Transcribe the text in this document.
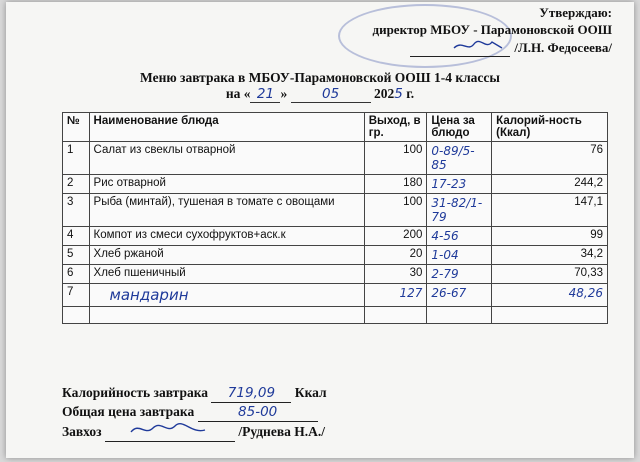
Утверждаю:
директор МБОУ - Парамоновской ООШ
/Л.Н. Федосеева/
Меню завтрака в МБОУ-Парамоновской ООШ 1-4 классы
на « 21 »	05	2025 г.
№	Наименование блюда	Выход, в гр.	Цена за блюдо	Калорий-ность (Ккал)
1	Салат из свеклы отварной	100	0-89/5-85	76
2	Рис отварной	180	17-23	244,2
3	Рыба (минтай), тушеная в томате с овощами	100	31-82/1-79	147,1
4	Компот из смеси сухофруктов+аск.к	200	4-56	99
5	Хлеб ржаной	20	1-04	34,2
6	Хлеб пшеничный	30	2-79	70,33
7	мандарин	127	26-67	48,26

Калорийность завтрака 719,09 Ккал
Общая цена завтрака	85-00
Завхоз	/Руднева Н.А./
